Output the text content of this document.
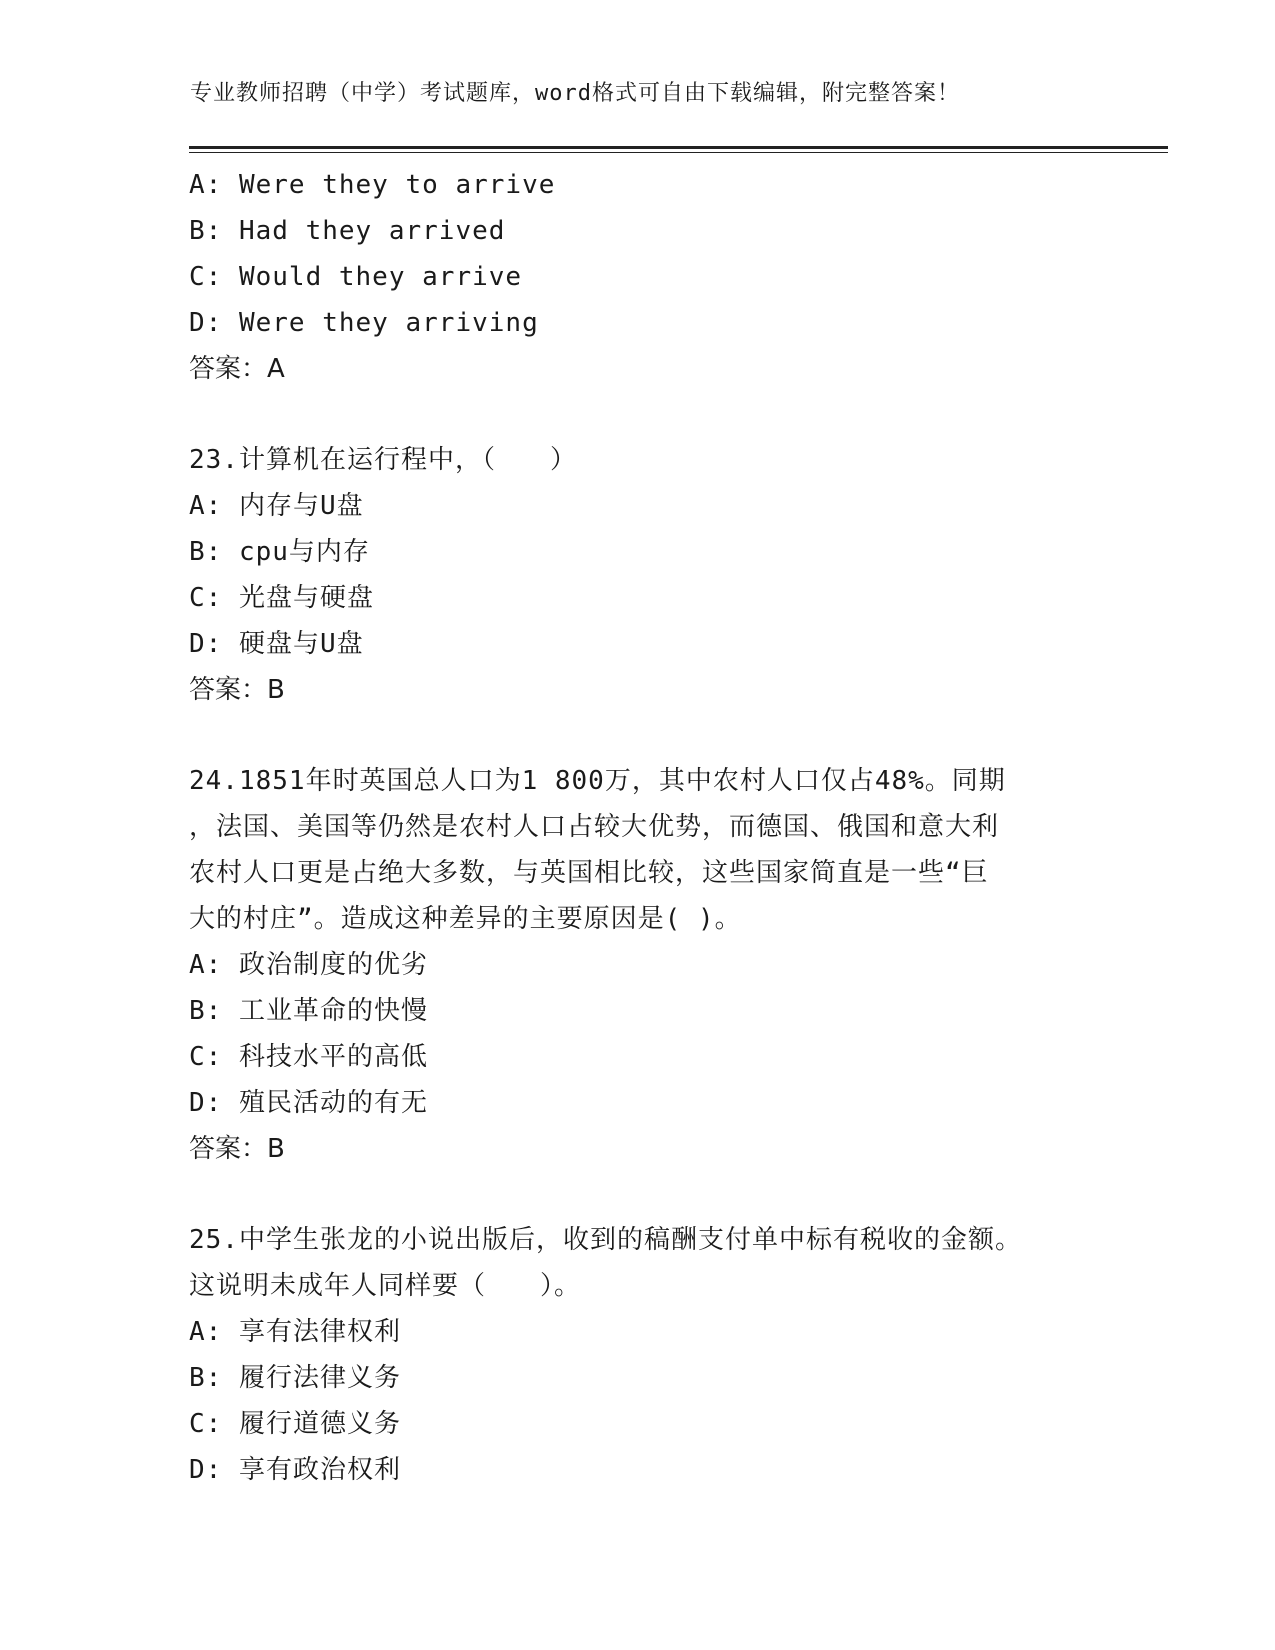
专业教师招聘（中学）考试题库，word格式可自由下载编辑，附完整答案！
A: Were they to arrive
B: Had they arrived
C: Would they arrive
D: Were they arriving
答案：A
23.计算机在运行程中，（　　）
A: 内存与U盘
B: cpu与内存
C: 光盘与硬盘
D: 硬盘与U盘
答案：B
24.1851年时英国总人口为1 800万，其中农村人口仅占48%。同期
，法国、美国等仍然是农村人口占较大优势，而德国、俄国和意大利
农村人口更是占绝大多数，与英国相比较，这些国家简直是一些“巨
大的村庄”。造成这种差异的主要原因是( )。
A: 政治制度的优劣
B: 工业革命的快慢
C: 科技水平的高低
D: 殖民活动的有无
答案：B
25.中学生张龙的小说出版后，收到的稿酬支付单中标有税收的金额。
这说明未成年人同样要（　　）。
A: 享有法律权利
B: 履行法律义务
C: 履行道德义务
D: 享有政治权利
